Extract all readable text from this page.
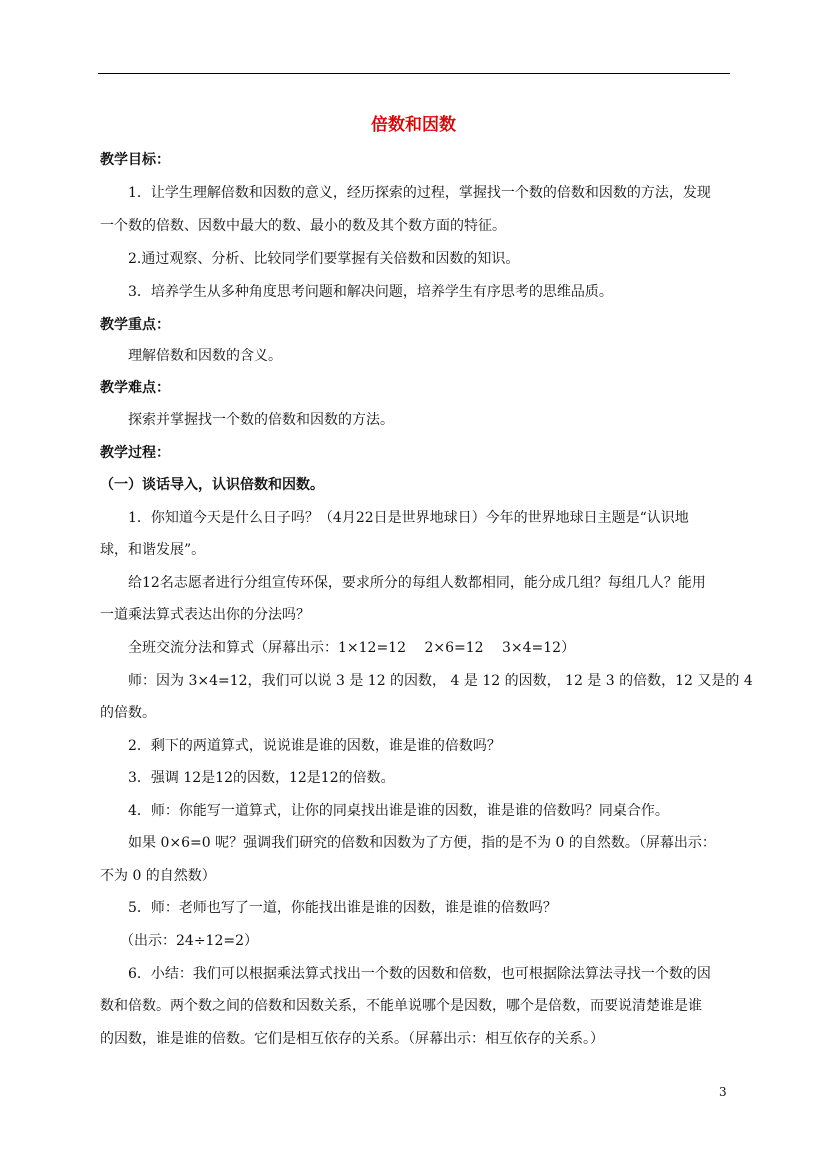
倍数和因数
教学目标：
1．让学生理解倍数和因数的意义，经历探索的过程，掌握找一个数的倍数和因数的方法，发现
一个数的倍数、因数中最大的数、最小的数及其个数方面的特征。
2.通过观察、分析、比较同学们要掌握有关倍数和因数的知识。
3．培养学生从多种角度思考问题和解决问题，培养学生有序思考的思维品质。
教学重点：
理解倍数和因数的含义。
教学难点：
探索并掌握找一个数的倍数和因数的方法。
教学过程：
（一）谈话导入，认识倍数和因数。
1．你知道今天是什么日子吗？（4月22日是世界地球日）今年的世界地球日主题是“认识地
球，和谐发展”。
给12名志愿者进行分组宣传环保，要求所分的每组人数都相同，能分成几组？每组几人？能用
一道乘法算式表达出你的分法吗？
全班交流分法和算式（屏幕出示：1×12=12　 2×6=12　 3×4=12）
师：因为 3×4=12，我们可以说 3 是 12 的因数， 4 是 12 的因数， 12 是 3 的倍数，12 又是的 4
的倍数。
2．剩下的两道算式，说说谁是谁的因数，谁是谁的倍数吗？
3．强调 12是12的因数，12是12的倍数。
4．师：你能写一道算式，让你的同桌找出谁是谁的因数，谁是谁的倍数吗？同桌合作。
如果 0×6=0 呢？强调我们研究的倍数和因数为了方便，指的是不为 0 的自然数。（屏幕出示：
不为 0 的自然数）
5．师：老师也写了一道，你能找出谁是谁的因数，谁是谁的倍数吗？
（出示：24÷12=2）
6．小结：我们可以根据乘法算式找出一个数的因数和倍数，也可根据除法算法寻找一个数的因
数和倍数。两个数之间的倍数和因数关系，不能单说哪个是因数，哪个是倍数，而要说清楚谁是谁
的因数，谁是谁的倍数。它们是相互依存的关系。（屏幕出示：相互依存的关系。）
3
